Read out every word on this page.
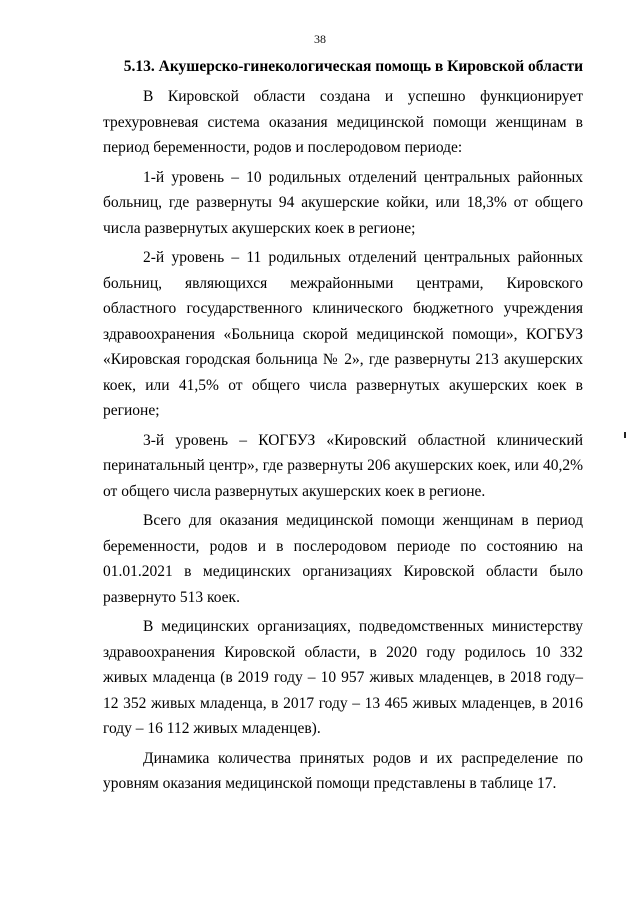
38
5.13. Акушерско-гинекологическая помощь в Кировской области

В Кировской области создана и успешно функционирует трехуровневая система оказания медицинской помощи женщинам в период беременности, родов и послеродовом периоде:

1-й уровень – 10 родильных отделений центральных районных больниц, где развернуты 94 акушерские койки, или 18,3% от общего числа развернутых акушерских коек в регионе;

2-й уровень – 11 родильных отделений центральных районных больниц, являющихся межрайонными центрами, Кировского областного государственного клинического бюджетного учреждения здравоохранения «Больница скорой медицинской помощи», КОГБУЗ «Кировская городская больница № 2», где развернуты 213 акушерских коек, или 41,5% от общего числа развернутых акушерских коек в регионе;

3-й уровень – КОГБУЗ «Кировский областной клинический перинатальный центр», где развернуты 206 акушерских коек, или 40,2% от общего числа развернутых акушерских коек в регионе.

Всего для оказания медицинской помощи женщинам в период беременности, родов и в послеродовом периоде по состоянию на 01.01.2021 в медицинских организациях Кировской области было развернуто 513 коек.

В медицинских организациях, подведомственных министерству здравоохранения Кировской области, в 2020 году родилось 10 332 живых младенца (в 2019 году – 10 957 живых младенцев, в 2018 году– 12 352 живых младенца, в 2017 году – 13 465 живых младенцев, в 2016 году – 16 112 живых младенцев).

Динамика количества принятых родов и их распределение по уровням оказания медицинской помощи представлены в таблице 17.
